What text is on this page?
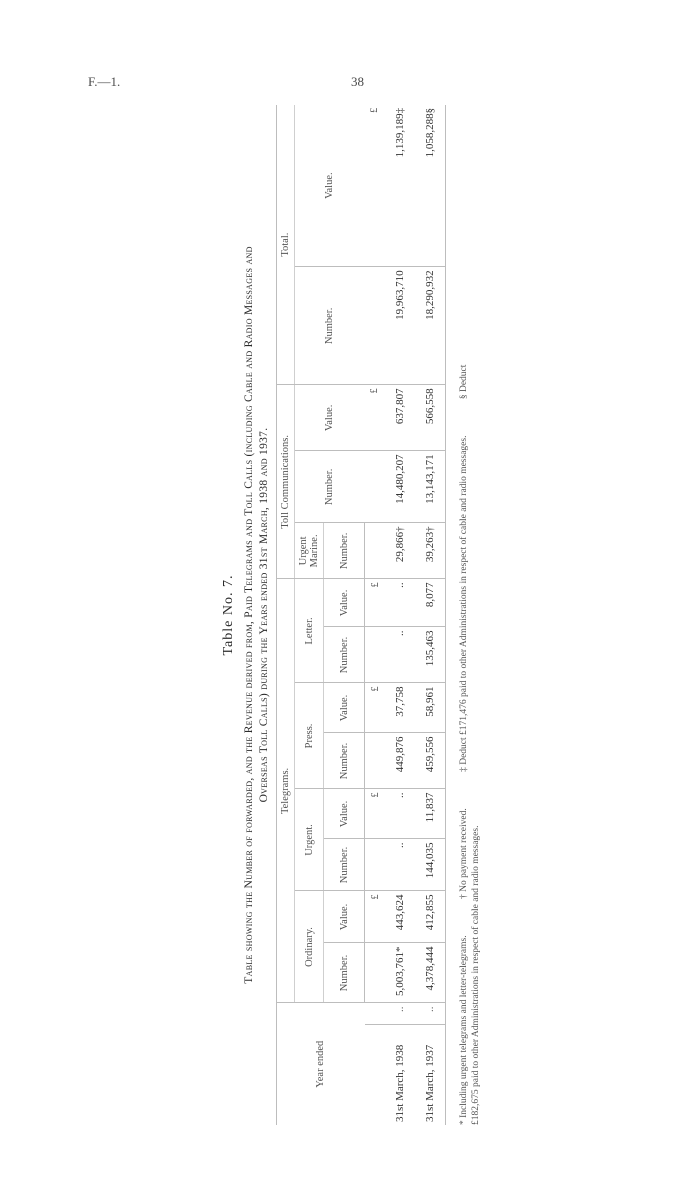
F.—1.	38
Table No. 7. Table showing the Number of forwarded, and the Revenue derived from, Paid Telegrams and Toll Calls (including Cable and Radio Messages and Overseas Toll Calls) during the Years ended 31st March, 1938 and 1937.
Year ended		Telegrams.								Toll Communications.			Total.	
		Ordinary.		Urgent.		Press.		Letter.		Urgent Marine.	Number.	Value.	Number.	Value.
		Number.	Value.	Number.	Value.	Number.	Value.	Number.	Value.	Number.				
			£		£		£		£			£		£
31st March, 1938	..	5,003,761*	443,624	..	..	449,876	37,758	..	..	29,866†	14,480,207	637,807	19,963,710	1,139,189‡
31st March, 1937	..	4,378,444	412,855	144,035	11,837	459,556	58,961	135,463	8,077	39,263†	13,143,171	566,558	18,290,932	1,058,288§
* Including urgent telegrams and letter-telegrams. † No payment received. ‡ Deduct £171,476 paid to other Administrations in respect of cable and radio messages. § Deduct
£182,675 paid to other Administrations in respect of cable and radio messages.
